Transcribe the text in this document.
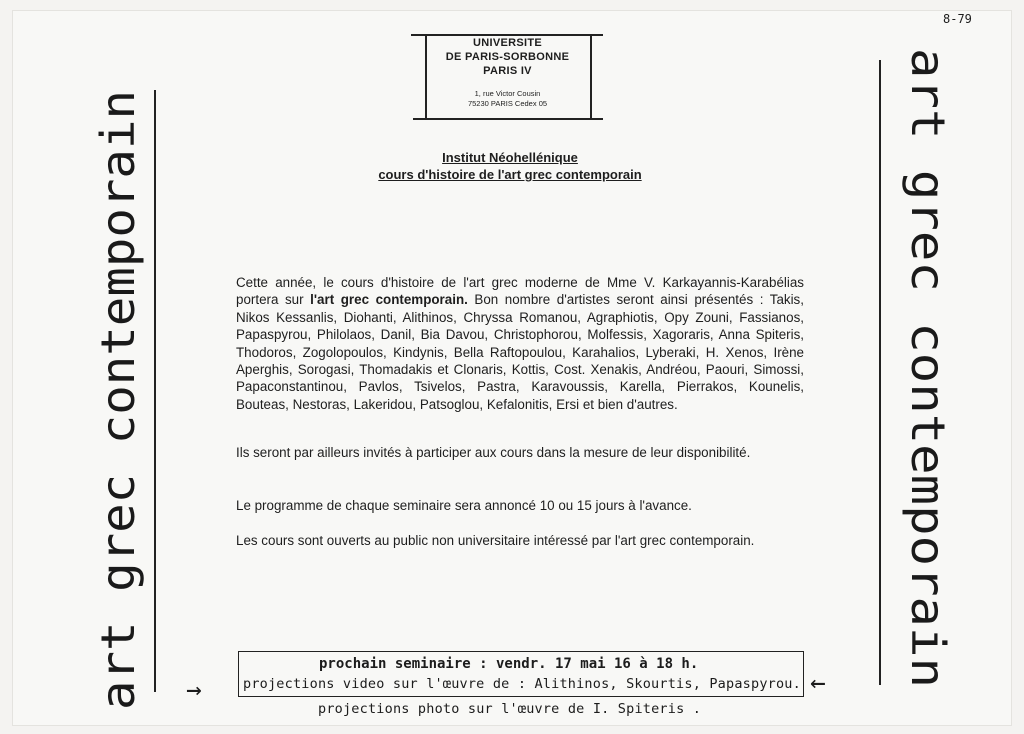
8-79
UNIVERSITE
DE PARIS-SORBONNE
PARIS IV
1, rue Victor Cousin
75230 PARIS Cedex 05
Institut Néohellénique
cours d'histoire de l'art grec contemporain
Cette année, le cours d'histoire de l'art grec moderne de Mme V. Karkayannis-Karabélias portera sur l'art grec contemporain. Bon nombre d'artistes seront ainsi présentés : Takis, Nikos Kessanlis, Diohanti, Alithinos, Chryssa Romanou, Agraphiotis, Opy Zouni, Fassianos, Papaspyrou, Philolaos, Danil, Bia Davou, Christophorou, Molfessis, Xagoraris, Anna Spiteris, Thodoros, Zogolopoulos, Kindynis, Bella Raftopoulou, Karahalios, Lyberaki, H. Xenos, Irène Aperghis, Sorogasi, Thomadakis et Clonaris, Kottis, Cost. Xenakis, Andréou, Paouri, Simossi, Papaconstantinou, Pavlos, Tsivelos, Pastra, Karavoussis, Karella, Pierrakos, Kounelis, Bouteas, Nestoras, Lakeridou, Patsoglou, Kefalonitis, Ersi et bien d'autres.
Ils seront par ailleurs invités à participer aux cours dans la mesure de leur disponibilité.
Le programme de chaque seminaire sera annoncé 10 ou 15 jours à l'avance.
Les cours sont ouverts au public non universitaire intéressé par l'art grec contemporain.
art grec contemporain	art grec contemporain
prochain seminaire : vendr. 17 mai 16 à 18 h.
projections video sur l'œuvre de : Alithinos, Skourtis, Papaspyrou.
projections photo sur l'œuvre de I. Spiteris .
→	←
